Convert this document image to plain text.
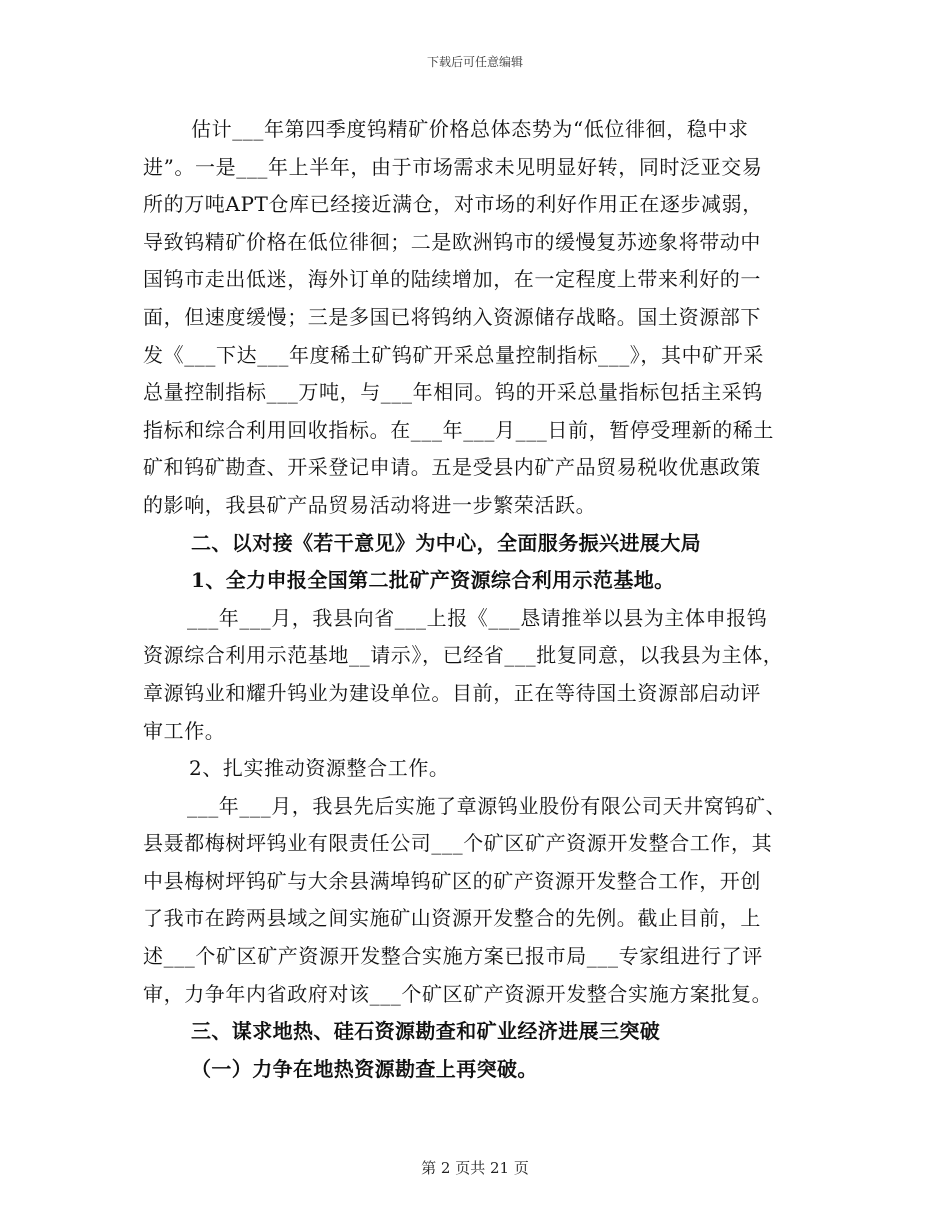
下载后可任意编辑
估计___年第四季度钨精矿价格总体态势为“低位徘徊，稳中求
进”。一是___年上半年，由于市场需求未见明显好转，同时泛亚交易
所的万吨APT仓库已经接近满仓，对市场的利好作用正在逐步减弱，
导致钨精矿价格在低位徘徊；二是欧洲钨市的缓慢复苏迹象将带动中
国钨市走出低迷，海外订单的陆续增加，在一定程度上带来利好的一
面，但速度缓慢；三是多国已将钨纳入资源储存战略。国土资源部下
发《___下达___年度稀土矿钨矿开采总量控制指标___》，其中矿开采
总量控制指标___万吨，与___年相同。钨的开采总量指标包括主采钨
指标和综合利用回收指标。在___年___月___日前，暂停受理新的稀土
矿和钨矿勘查、开采登记申请。五是受县内矿产品贸易税收优惠政策
的影响，我县矿产品贸易活动将进一步繁荣活跃。
二、以对接《若干意见》为中心，全面服务振兴进展大局
1、全力申报全国第二批矿产资源综合利用示范基地。
___年___月，我县向省___上报《___恳请推举以县为主体申报钨
资源综合利用示范基地__请示》，已经省___批复同意，以我县为主体，
章源钨业和耀升钨业为建设单位。目前，正在等待国土资源部启动评
审工作。
2、扎实推动资源整合工作。
___年___月，我县先后实施了章源钨业股份有限公司天井窝钨矿、
县聂都梅树坪钨业有限责任公司___个矿区矿产资源开发整合工作，其
中县梅树坪钨矿与大余县满埠钨矿区的矿产资源开发整合工作，开创
了我市在跨两县域之间实施矿山资源开发整合的先例。截止目前，上
述___个矿区矿产资源开发整合实施方案已报市局___专家组进行了评
审，力争年内省政府对该___个矿区矿产资源开发整合实施方案批复。
三、谋求地热、硅石资源勘查和矿业经济进展三突破
（一）力争在地热资源勘查上再突破。
第 2 页共 21 页
